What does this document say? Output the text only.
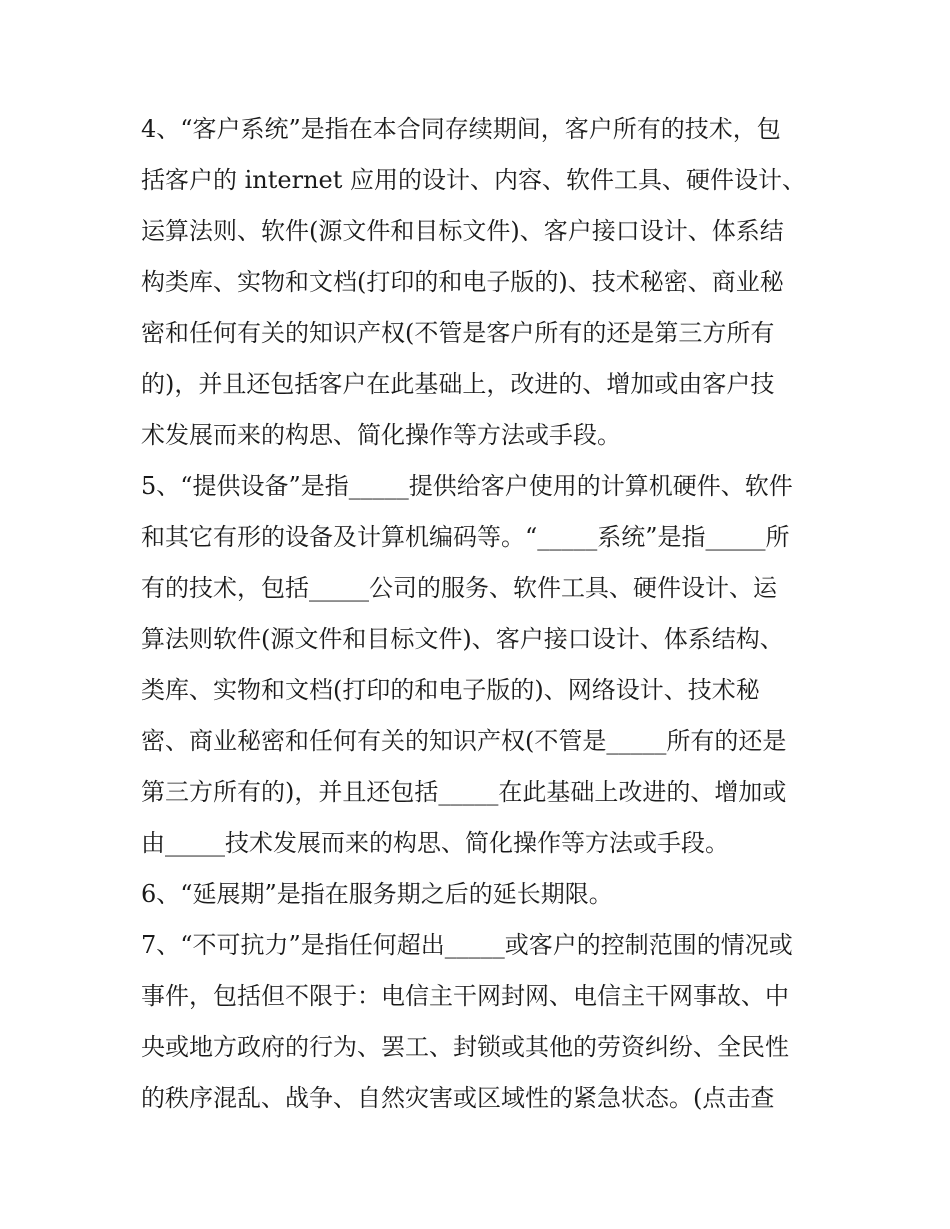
4、“客户系统”是指在本合同存续期间，客户所有的技术，包
括客户的 internet 应用的设计、内容、软件工具、硬件设计、
运算法则、软件(源文件和目标文件)、客户接口设计、体系结
构类库、实物和文档(打印的和电子版的)、技术秘密、商业秘
密和任何有关的知识产权(不管是客户所有的还是第三方所有
的)，并且还包括客户在此基础上，改进的、增加或由客户技
术发展而来的构思、简化操作等方法或手段。
5、“提供设备”是指_____提供给客户使用的计算机硬件、软件
和其它有形的设备及计算机编码等。“_____系统”是指_____所
有的技术，包括_____公司的服务、软件工具、硬件设计、运
算法则软件(源文件和目标文件)、客户接口设计、体系结构、
类库、实物和文档(打印的和电子版的)、网络设计、技术秘
密、商业秘密和任何有关的知识产权(不管是_____所有的还是
第三方所有的)，并且还包括_____在此基础上改进的、增加或
由_____技术发展而来的构思、简化操作等方法或手段。
6、“延展期”是指在服务期之后的延长期限。
7、“不可抗力”是指任何超出_____或客户的控制范围的情况或
事件，包括但不限于：电信主干网封网、电信主干网事故、中
央或地方政府的行为、罢工、封锁或其他的劳资纠纷、全民性
的秩序混乱、战争、自然灾害或区域性的紧急状态。(点击查
